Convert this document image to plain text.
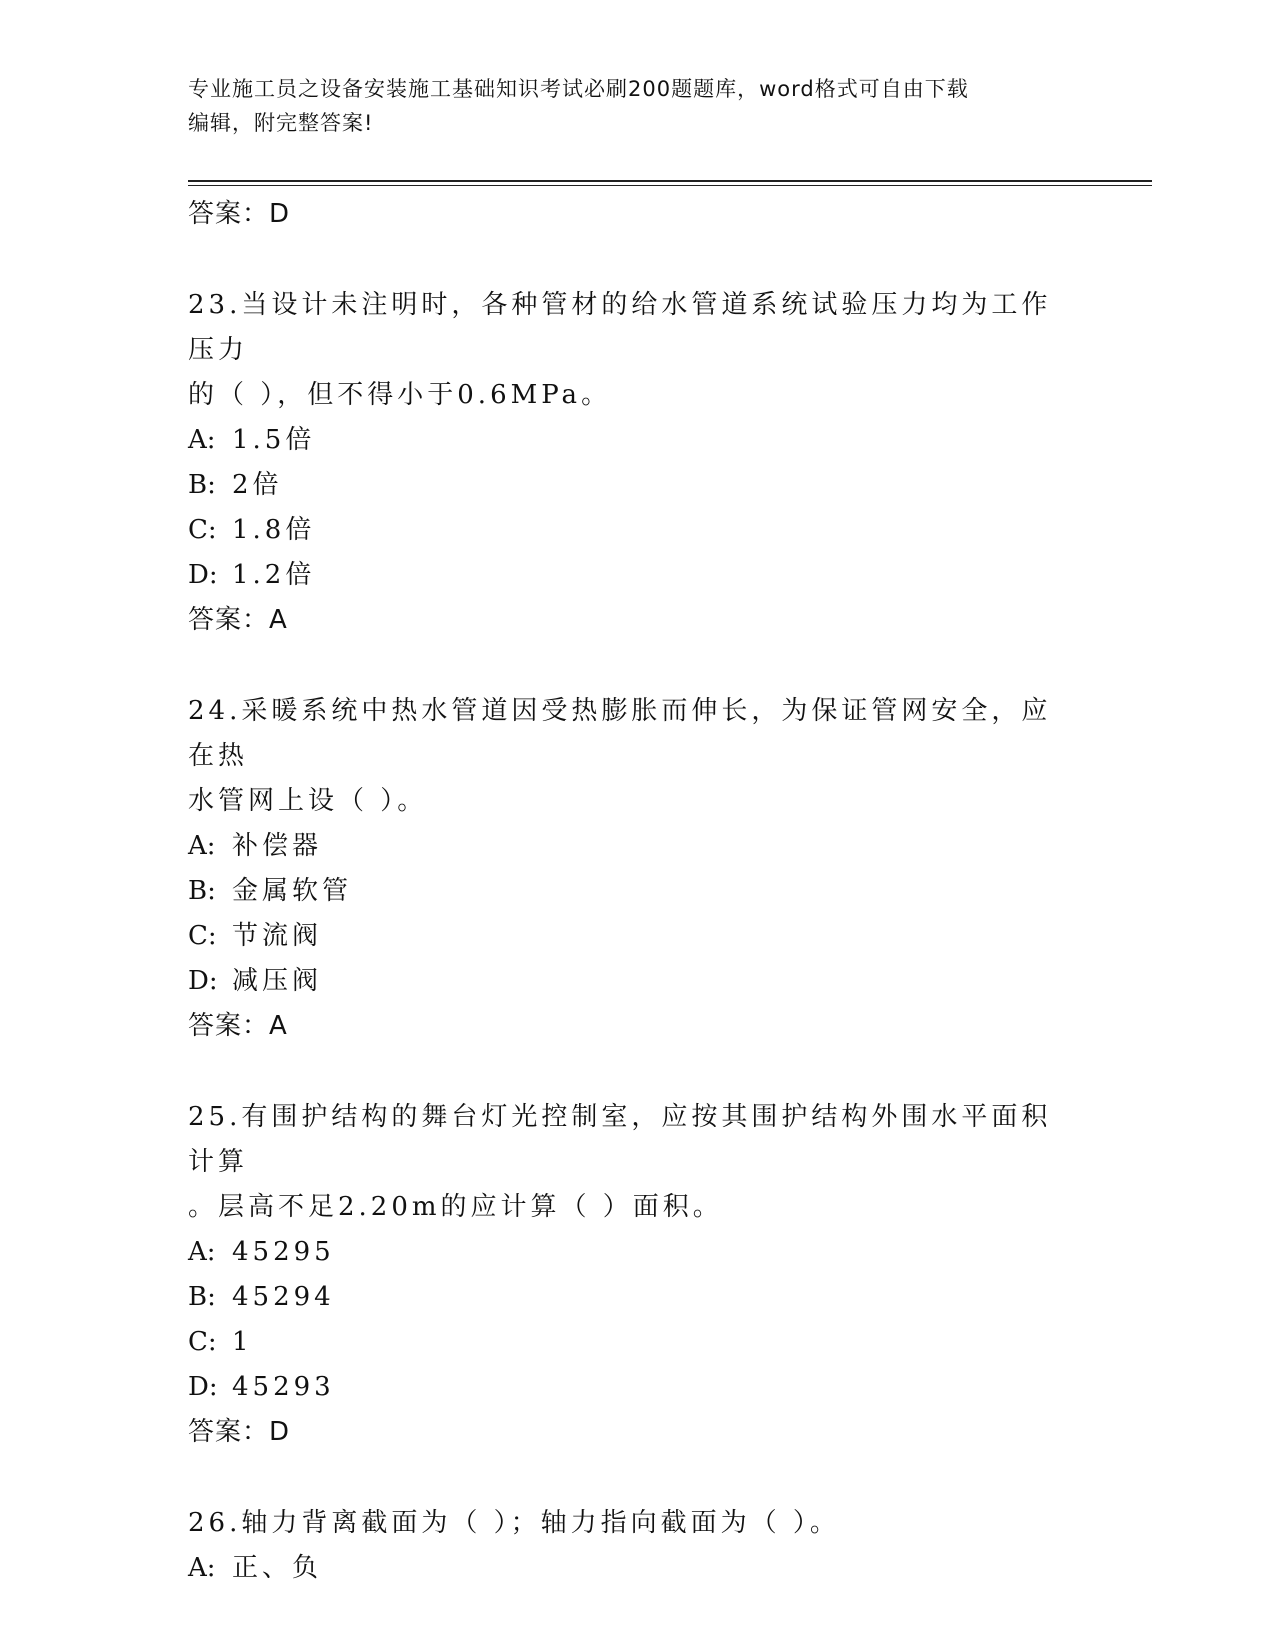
专业施工员之设备安装施工基础知识考试必刷200题题库，word格式可自由下载
编辑，附完整答案!
答案：D
23.当设计未注明时，各种管材的给水管道系统试验压力均为工作压力
的（ ），但不得小于0.6MPa。
A: 1.5倍
B: 2倍
C: 1.8倍
D: 1.2倍
答案：A
24.采暖系统中热水管道因受热膨胀而伸长，为保证管网安全，应在热
水管网上设（ ）。
A: 补偿器
B: 金属软管
C: 节流阀
D: 减压阀
答案：A
25.有围护结构的舞台灯光控制室，应按其围护结构外围水平面积计算
。层高不足2.20m的应计算（ ）面积。
A: 45295
B: 45294
C: 1
D: 45293
答案：D
26.轴力背离截面为（ ）；轴力指向截面为（ ）。
A: 正、负
